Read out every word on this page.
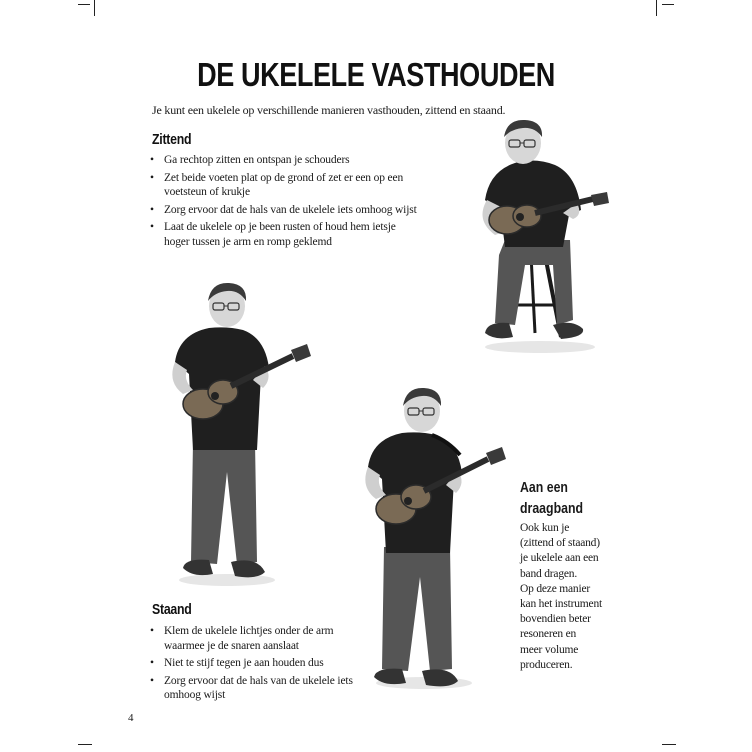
DE UKELELE VASTHOUDEN
Je kunt een ukelele op verschillende manieren vasthouden, zittend en staand.
Zittend
• Ga rechtop zitten en ontspan je schouders
• Zet beide voeten plat op de grond of zet er een op een voetsteun of krukje
• Zorg ervoor dat de hals van de ukelele iets omhoog wijst
• Laat de ukelele op je been rusten of houd hem ietsje hoger tussen je arm en romp geklemd
Aan een
draagband
Ook kun je
(zittend of staand)
je ukelele aan een
band dragen.
Op deze manier
kan het instrument
bovendien beter
resoneren en
meer volume
produceren.
Staand
• Klem de ukelele lichtjes onder de arm waarmee je de snaren aanslaat
• Niet te stijf tegen je aan houden dus
• Zorg ervoor dat de hals van de ukelele iets omhoog wijst
4
